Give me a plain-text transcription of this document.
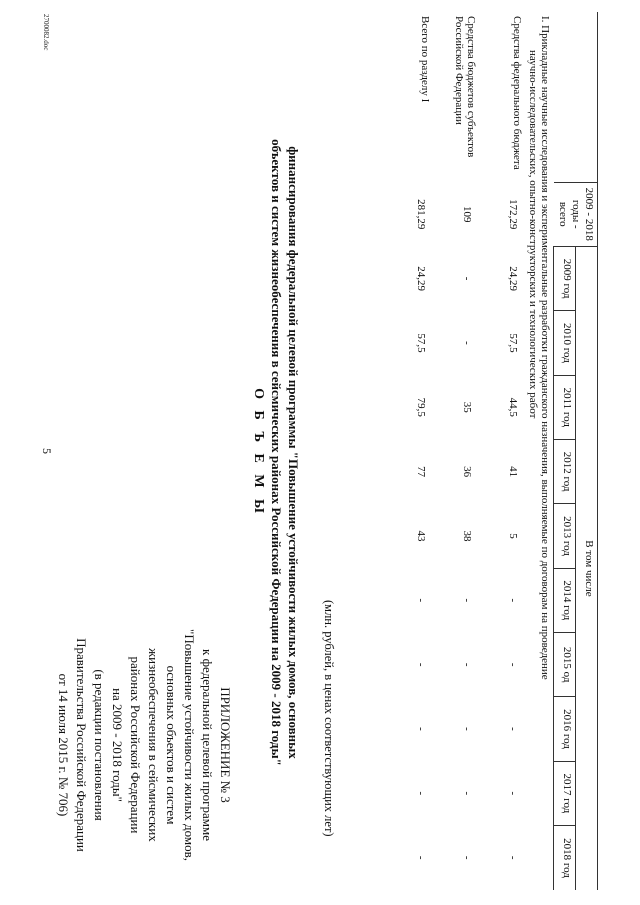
5
ПРИЛОЖЕНИЕ № 3
к федеральной целевой программе
"Повышение устойчивости жилых домов,
основных объектов и систем
жизнеобеспечения в сейсмических
районах Российской Федерации
на 2009 - 2018 годы"
(в редакции постановления
Правительства Российской Федерации
от 14 июля 2015 г. № 706)
О Б Ъ Е М Ы финансирования федеральной целевой программы "Повышение устойчивости жилых домов, основных
объектов и систем жизнеобеспечения в сейсмических районах Российской Федерации на 2009 - 2018 годы"	(млн. рублей, в ценах соответствующих лет)
	2009 - 2018 годы - всего	В том числе									
		2009 год	2010 год	2011 год	2012 год	2013 год	2014 год	2015 од	2016 год	2017 год	2018 год
I. Прикладные научные исследования и экспериментальные разработки гражданского назначения, выполняемые по договорам на проведение
научно-исследовательских, опытно-конструкторских и технологических работ											

Средства федерального бюджета	172,29	24,29	57,5	44,5	41	5	-	-	-	-	-
Средства бюджетов субъектов Российской Федерации	109	-	-	35	36	38	-	-	-	-	-
Всего по разделу I	281,29	24,29	57,5	79,5	77	43	-	-	-	-	-
2700082.doc
